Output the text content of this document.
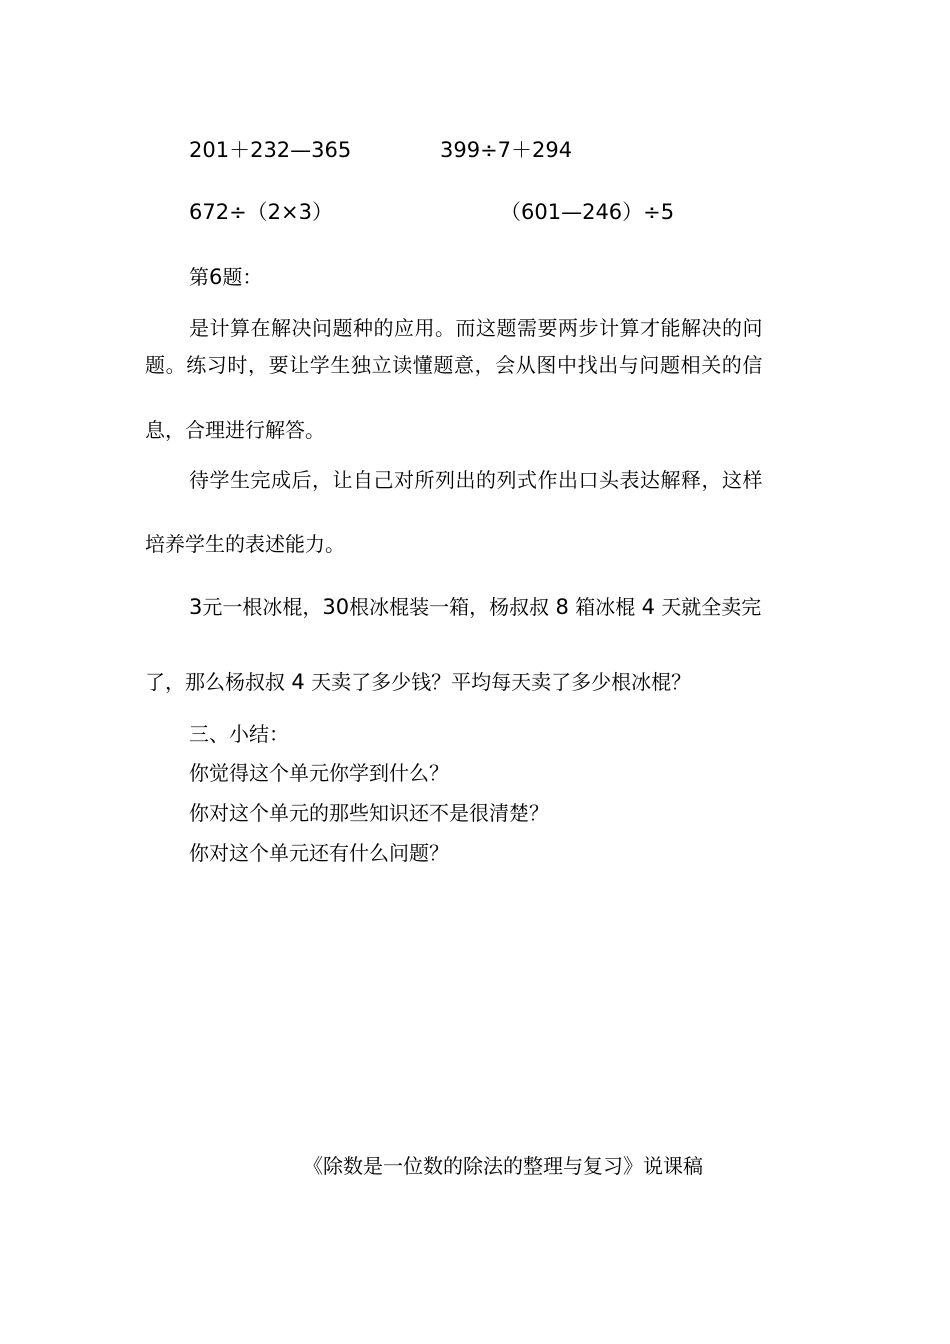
201＋232—365	399÷7＋294
672÷（2×3）	（601—246）÷5
第6题：
是计算在解决问题种的应用。而这题需要两步计算才能解决的问
题。练习时，要让学生独立读懂题意，会从图中找出与问题相关的信
息，合理进行解答。
待学生完成后，让自己对所列出的列式作出口头表达解释，这样
培养学生的表述能力。
3元一根冰棍，30根冰棍装一箱，杨叔叔 8 箱冰棍 4 天就全卖完
了，那么杨叔叔 4 天卖了多少钱？平均每天卖了多少根冰棍？
三、小结：
你觉得这个单元你学到什么？
你对这个单元的那些知识还不是很清楚？
你对这个单元还有什么问题？
《除数是一位数的除法的整理与复习》说课稿
